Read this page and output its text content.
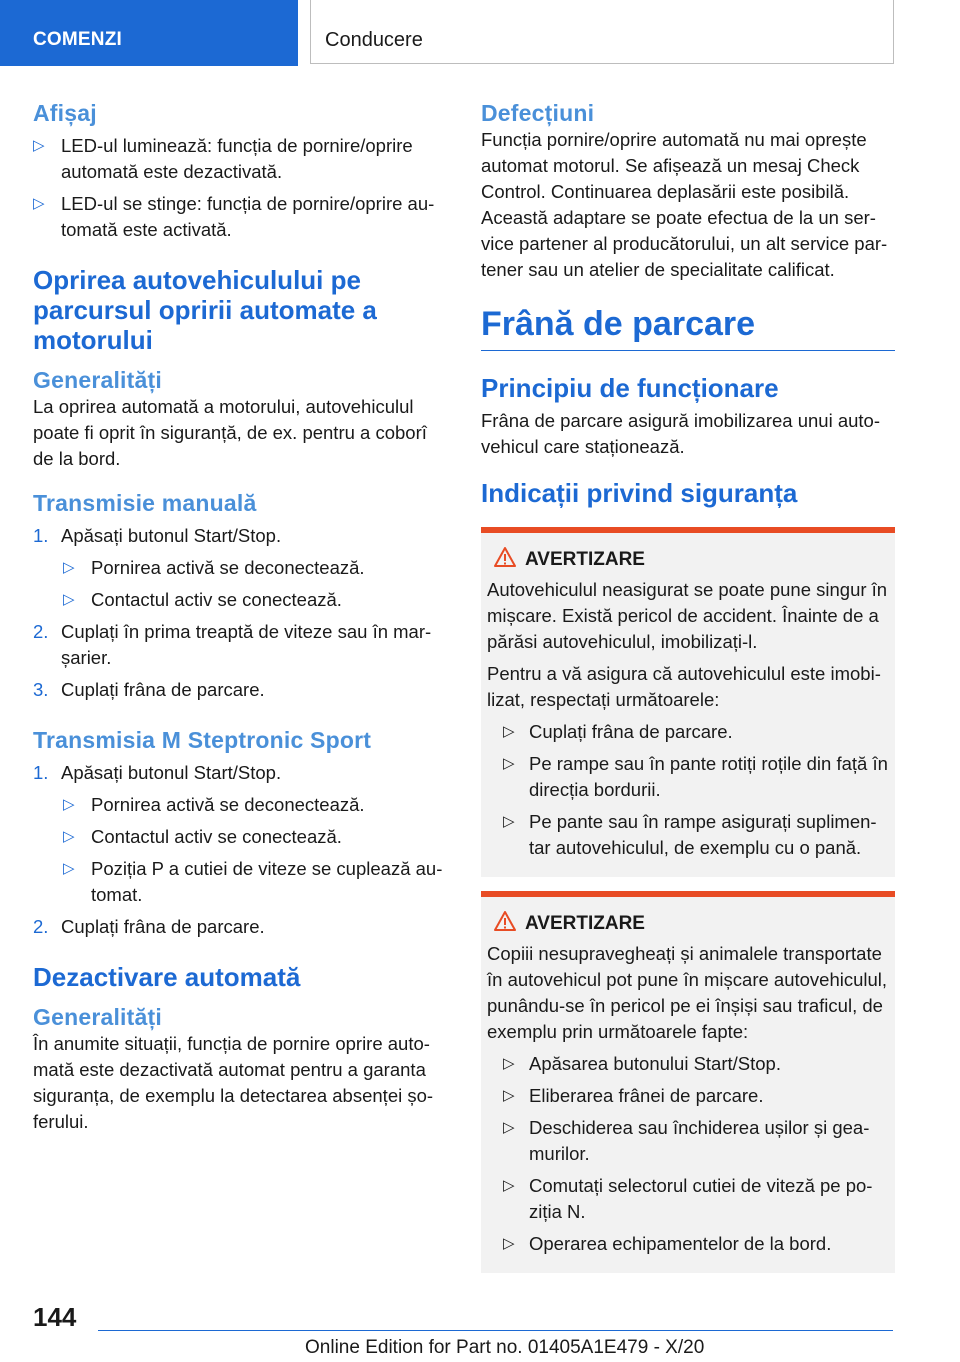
COMENZI	Conducere
Afișaj
▷ LED-ul luminează: funcția de pornire/oprire automată este dezactivată.
▷ LED-ul se stinge: funcția de pornire/oprire automată este activată.
Oprirea autovehiculului pe parcursul opririi automate a motorului
Generalități

La oprirea automată a motorului, autovehiculul poate fi oprit în siguranță, de ex. pentru a coborî de la bord.

Transmisie manuală
1. Apăsați butonul Start/Stop.
▷ Pornirea activă se deconectează.
▷ Contactul activ se conectează.
2. Cuplați în prima treaptă de viteze sau în marșarier.
3. Cuplați frâna de parcare.
Transmisia M Steptronic Sport
1. Apăsați butonul Start/Stop.
▷ Pornirea activă se deconectează.
▷ Contactul activ se conectează.
▷ Poziția P a cutiei de viteze se cuplează automat.
2. Cuplați frâna de parcare.
Dezactivare automată
Generalități

În anumite situații, funcția de pornire oprire automată este dezactivată automat pentru a garanta siguranța, de exemplu la detectarea absenței șoferului.

Defecțiuni

Funcția pornire/oprire automată nu mai oprește automat motorul. Se afișează un mesaj Check Control. Continuarea deplasării este posibilă. Această adaptare se poate efectua de la un service partener al producătorului, un alt service partener sau un atelier de specialitate calificat.

Frână de parcare
Principiu de funcționare

Frâna de parcare asigură imobilizarea unui autovehicul care staționează.

Indicații privind siguranța
AVERTIZARE

Autovehiculul neasigurat se poate pune singur în mișcare. Există pericol de accident. Înainte de a părăsi autovehiculul, imobilizați-l.

Pentru a vă asigura că autovehiculul este imobilizat, respectați următoarele:

▷ Cuplați frâna de parcare.
▷ Pe rampe sau în pante rotiți roțile din față în direcția bordurii.
▷ Pe pante sau în rampe asigurați suplimentar autovehiculul, de exemplu cu o pană.
AVERTIZARE

Copiii nesupravegheați și animalele transportate în autovehicul pot pune în mișcare autovehiculul, punându-se în pericol pe ei înșiși sau traficul, de exemplu prin următoarele fapte:

▷ Apăsarea butonului Start/Stop.
▷ Eliberarea frânei de parcare.
▷ Deschiderea sau închiderea ușilor și geamurilor.
▷ Comutați selectorul cutiei de viteză pe poziția N.
▷ Operarea echipamentelor de la bord.
144
Online Edition for Part no. 01405A1E479 - X/20
